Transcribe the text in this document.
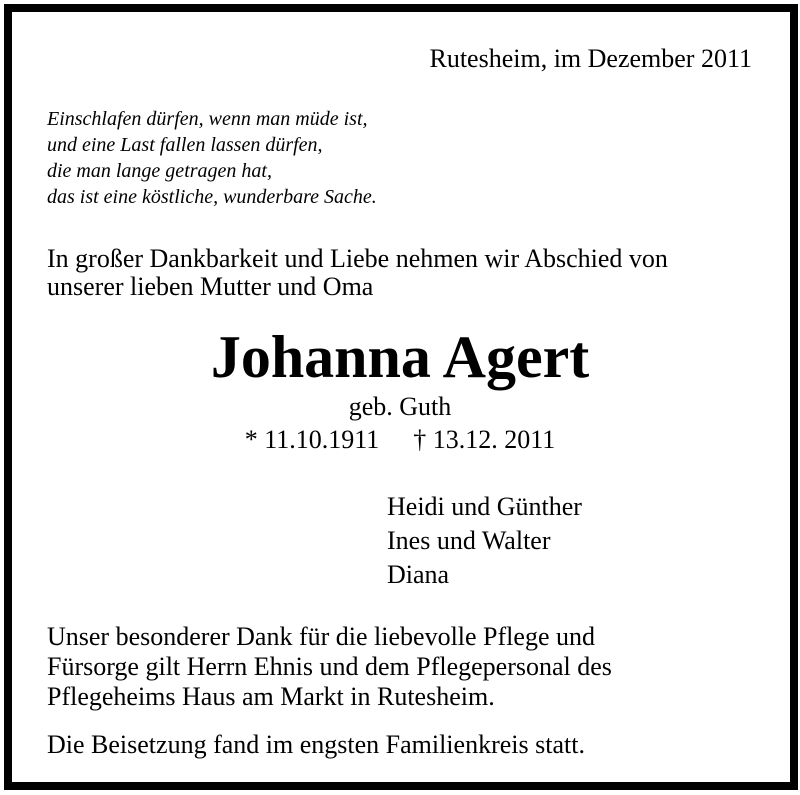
Rutesheim, im Dezember 2011
Einschlafen dürfen, wenn man müde ist,
und eine Last fallen lassen dürfen,
die man lange getragen hat,
das ist eine köstliche, wunderbare Sache.
In großer Dankbarkeit und Liebe nehmen wir Abschied von
unserer lieben Mutter und Oma
Johanna Agert
geb. Guth
* 11.10.1911 † 13.12. 2011
Heidi und Günther
Ines und Walter
Diana
Unser besonderer Dank für die liebevolle Pflege und
Fürsorge gilt Herrn Ehnis und dem Pflegepersonal des
Pflegeheims Haus am Markt in Rutesheim.
Die Beisetzung fand im engsten Familienkreis statt.
